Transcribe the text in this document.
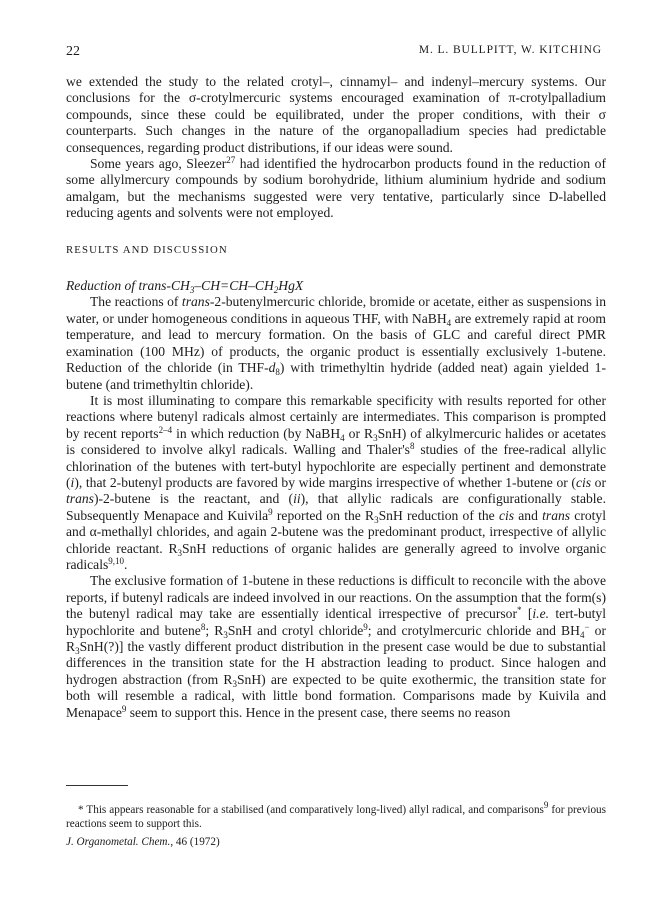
22	M. L. BULLPITT, W. KITCHING

we extended the study to the related crotyl–, cinnamyl– and indenyl–mercury systems. Our conclusions for the σ-crotylmercuric systems encouraged examination of π-crotylpalladium compounds, since these could be equilibrated, under the proper conditions, with their σ counterparts. Such changes in the nature of the organopalladium species had predictable consequences, regarding product distributions, if our ideas were sound.

Some years ago, Sleezer$^{27}$ had identified the hydrocarbon products found in the reduction of some allylmercury compounds by sodium borohydride, lithium aluminium hydride and sodium amalgam, but the mechanisms suggested were very tentative, particularly since D-labelled reducing agents and solvents were not employed.

RESULTS AND DISCUSSION

Reduction of trans-$CH_3-CH=CH-CH_2HgX$

The reactions of trans-2-butenylmercuric chloride, bromide or acetate, either as suspensions in water, or under homogeneous conditions in aqueous THF, with NaBH$_4$ are extremely rapid at room temperature, and lead to mercury formation. On the basis of GLC and careful direct PMR examination (100 MHz) of products, the organic product is essentially exclusively 1-butene. Reduction of the chloride (in THF-$d_8$) with trimethyltin hydride (added neat) again yielded 1-butene (and trimethyltin chloride).

It is most illuminating to compare this remarkable specificity with results reported for other reactions where butenyl radicals almost certainly are intermediates. This comparison is prompted by recent reports$^{2-4}$ in which reduction (by NaBH$_4$ or $R_3SnH$) of alkylmercuric halides or acetates is considered to involve alkyl radicals. Walling and $Thaler's^8$ studies of the free-radical allylic chlorination of the butenes with tert-butyl hypochlorite are especially pertinent and demonstrate (i), that 2-butenyl products are favored by wide margins irrespective of whether 1-butene or (cis or trans)-2-butene is the reactant, and (ii), that allylic radicals are configurationally stable. Subsequently Menapace and Kuivila$^9$ reported on the $R_3SnH$ reduction of the cis and trans crotyl and α-methallyl chlorides, and again 2-butene was the predominant product, irrespective of allylic chloride reactant. $R_3SnH$ reductions of organic halides are generally agreed to involve organic radicals$^{9,10}$.

The exclusive formation of 1-butene in these reductions is difficult to reconcile with the above reports, if butenyl radicals are indeed involved in our reactions. On the assumption that the form(s) the butenyl radical may take are essentially identical irrespective of precursor* [i.e. tert-butyl hypochlorite and butene$^8$; $R_3SnH$ and crotyl chloride$^9$; and crotylmercuric chloride and $BH_4^-$ or $R_3SnH(?)$] the vastly different product distribution in the present case would be due to substantial differences in the transition state for the H abstraction leading to product. Since halogen and hydrogen abstraction (from $R_3SnH$) are expected to be quite exothermic, the transition state for both will resemble a radical, with little bond formation. Comparisons made by Kuivila and Menapace$^9$ seem to support this. Hence in the present case, there seems no reason

* This appears reasonable for a stabilised (and comparatively long-lived) allyl radical, and comparisons$^9$ for previous reactions seem to support this.

J. Organometal. Chem., 46 (1972)
